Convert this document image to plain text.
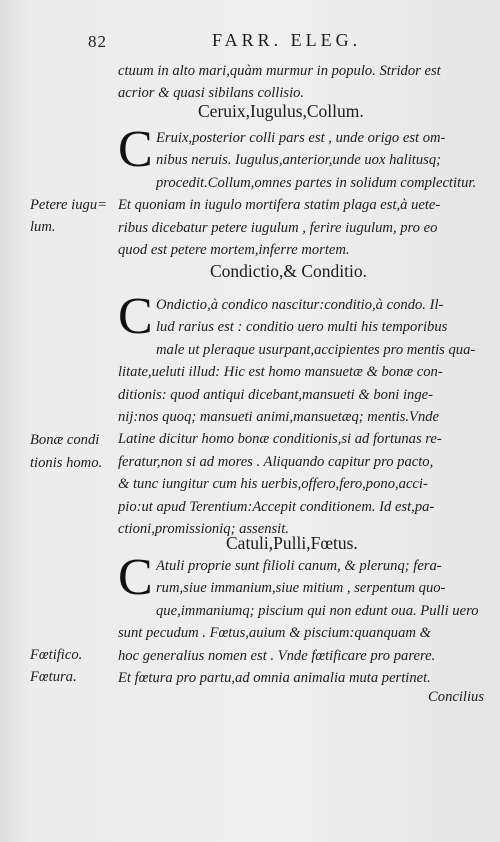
82	FARR. ELEG.
ctuum in alto mari,quàm murmur in populo. Stridor est
acrior & quasi sibilans collisio.
Ceruix,Iugulus,Collum.
C Eruix,posterior colli pars est , unde origo est om-
nibus neruis. Iugulus,anterior,unde uox halitusq;
procedit.Collum,omnes partes in solidum complectitur.
Et quoniam in iugulo mortifera statim plaga est,à uete-
ribus dicebatur petere iugulum , ferire iugulum, pro eo
quod est petere mortem,inferre mortem.
Condictio,& Conditio.
C Ondictio,à condico nascitur:conditio,à condo. Il-
lud rarius est : conditio uero multi his temporibus
male ut pleraque usurpant,accipientes pro mentis qua-
litate,ueluti illud: Hic est homo mansuetæ & bonæ con-
ditionis: quod antiqui dicebant,mansueti & boni inge-
nij:nos quoq; mansueti animi,mansuetæq; mentis.Vnde
Latine dicitur homo bonæ conditionis,si ad fortunas re-
feratur,non si ad mores . Aliquando capitur pro pacto,
& tunc iungitur cum his uerbis,offero,fero,pono,acci-
pio:ut apud Terentium:Accepit conditionem. Id est,pa-
ctioni,promissioniq; assensit.
Catuli,Pulli,Fœtus.
C Atuli proprie sunt filioli canum, & plerunq; fera-
rum,siue immanium,siue mitium , serpentum quo-
que,immaniumq; piscium qui non edunt oua. Pulli uero
sunt pecudum . Fœtus,auium & piscium:quanquam &
hoc generalius nomen est . Vnde fœtificare pro parere.
Et fœtura pro partu,ad omnia animalia muta pertinet.
Petere iugu=
lum.
Bonæ condi
tionis homo.
Fœtifico.
Fœtura.
Concilius
